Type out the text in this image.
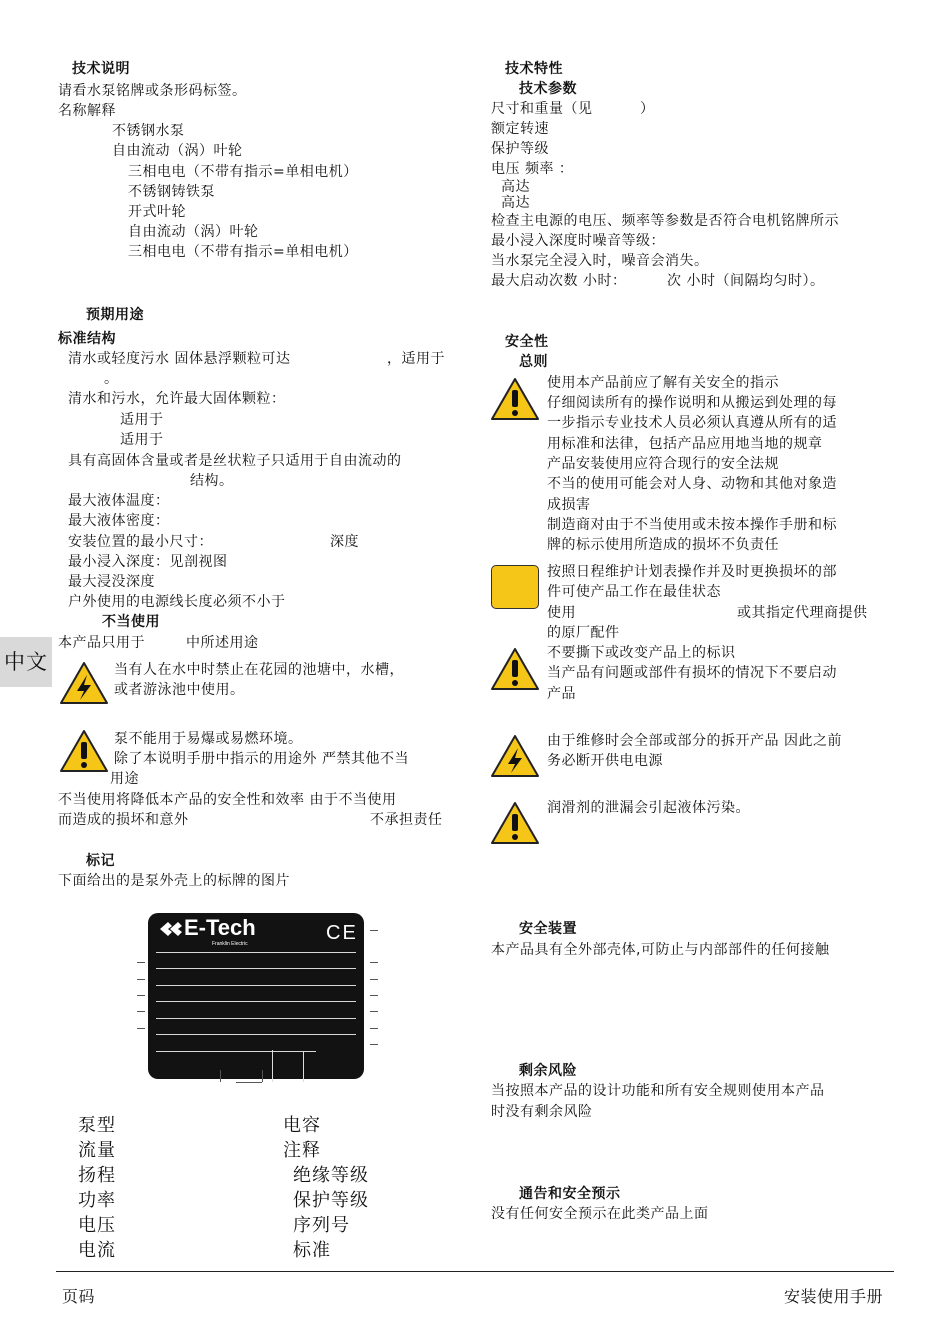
技术说明
请看水泵铭牌或条形码标签。
名称解释
不锈钢水泵
自由流动（涡）叶轮
三相电电（不带有指示=单相电机）
不锈钢铸铁泵
开式叶轮
自由流动（涡）叶轮
三相电电（不带有指示=单相电机）
预期用途
标准结构
清水或轻度污水 固体悬浮颗粒可达	，适用于
。
清水和污水，允许最大固体颗粒：
适用于
适用于
具有高固体含量或者是丝状粒子只适用于自由流动的
结构。
最大液体温度：
最大液体密度：
安装位置的最小尺寸：	深度
最小浸入深度：见剖视图
最大浸没深度
户外使用的电源线长度必须不小于
不当使用
本产品只用于	中所述用途
当有人在水中时禁止在花园的池塘中，水槽，
或者游泳池中使用。
泵不能用于易爆或易燃环境。
除了本说明手册中指示的用途外 严禁其他不当
用途
不当使用将降低本产品的安全性和效率 由于不当使用
而造成的损坏和意外	不承担责任
标记
下面给出的是泵外壳上的标牌的图片
E-Tech
Franklin Electric	CE
泵型
流量
扬程
功率
电压
电流
电容
注释
绝缘等级
保护等级
序列号
标准
中文
技术特性
技术参数
尺寸和重量（见	）
额定转速
保护等级
电压 频率 ：
高达
高达
检查主电源的电压、频率等参数是否符合电机铭牌所示
最小浸入深度时噪音等级：
当水泵完全浸入时，噪音会消失。
最大启动次数 小时：	次 小时（间隔均匀时）。
安全性
总则
使用本产品前应了解有关安全的指示
仔细阅读所有的操作说明和从搬运到处理的每
一步指示专业技术人员必须认真遵从所有的适
用标准和法律，包括产品应用地当地的规章
产品安装使用应符合现行的安全法规
不当的使用可能会对人身、动物和其他对象造
成损害
制造商对由于不当使用或未按本操作手册和标
牌的标示使用所造成的损坏不负责任
按照日程维护计划表操作并及时更换损坏的部
件可使产品工作在最佳状态
使用	或其指定代理商提供
的原厂配件
不要撕下或改变产品上的标识
当产品有问题或部件有损坏的情况下不要启动
产品
由于维修时会全部或部分的拆开产品 因此之前
务必断开供电电源
润滑剂的泄漏会引起液体污染。
安全装置
本产品具有全外部壳体,可防止与内部部件的任何接触
剩余风险
当按照本产品的设计功能和所有安全规则使用本产品
时没有剩余风险
通告和安全预示
没有任何安全预示在此类产品上面
页码	安装使用手册
